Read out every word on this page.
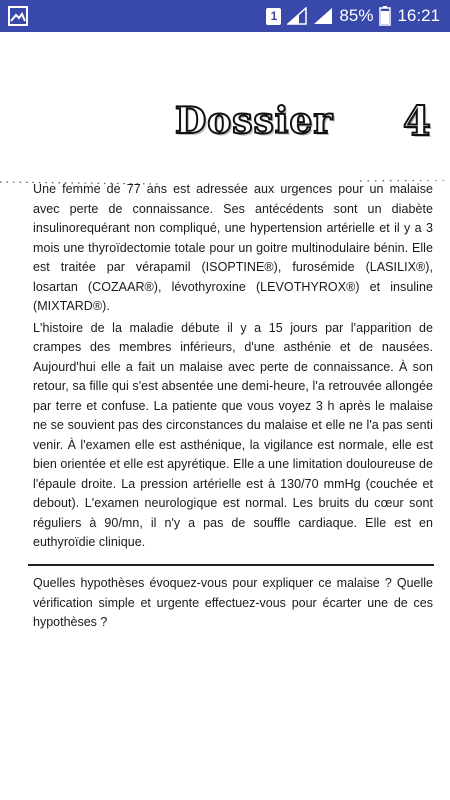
1	85% 16:21
Dossier 4

Une femme de 77 ans est adressée aux urgences pour un malaise avec perte de connaissance. Ses antécédents sont un diabète insulinorequérant non compliqué, une hypertension artérielle et il y a 3 mois une thyroïdectomie totale pour un goitre multinodulaire bénin. Elle est traitée par vérapamil (ISOPTINE®), furosémide (LASILIX®), losartan (COZAAR®), lévothyroxine (LEVOTHYROX®) et insuline (MIXTARD®).

L'histoire de la maladie débute il y a 15 jours par l'apparition de crampes des membres inférieurs, d'une asthénie et de nausées. Aujourd'hui elle a fait un malaise avec perte de connaissance. À son retour, sa fille qui s'est absentée une demi-heure, l'a retrouvée allongée par terre et confuse. La patiente que vous voyez 3 h après le malaise ne se souvient pas des circonstances du malaise et elle ne l'a pas senti venir. À l'examen elle est asthénique, la vigilance est normale, elle est bien orientée et elle est apyrétique. Elle a une limitation douloureuse de l'épaule droite. La pression artérielle est à 130/70 mmHg (couchée et debout). L'examen neurologique est normal. Les bruits du cœur sont réguliers à 90/mn, il n'y a pas de souffle cardiaque. Elle est en euthyroïdie clinique.

Quelles hypothèses évoquez-vous pour expliquer ce malaise ? Quelle vérification simple et urgente effectuez-vous pour écarter une de ces hypothèses ?
